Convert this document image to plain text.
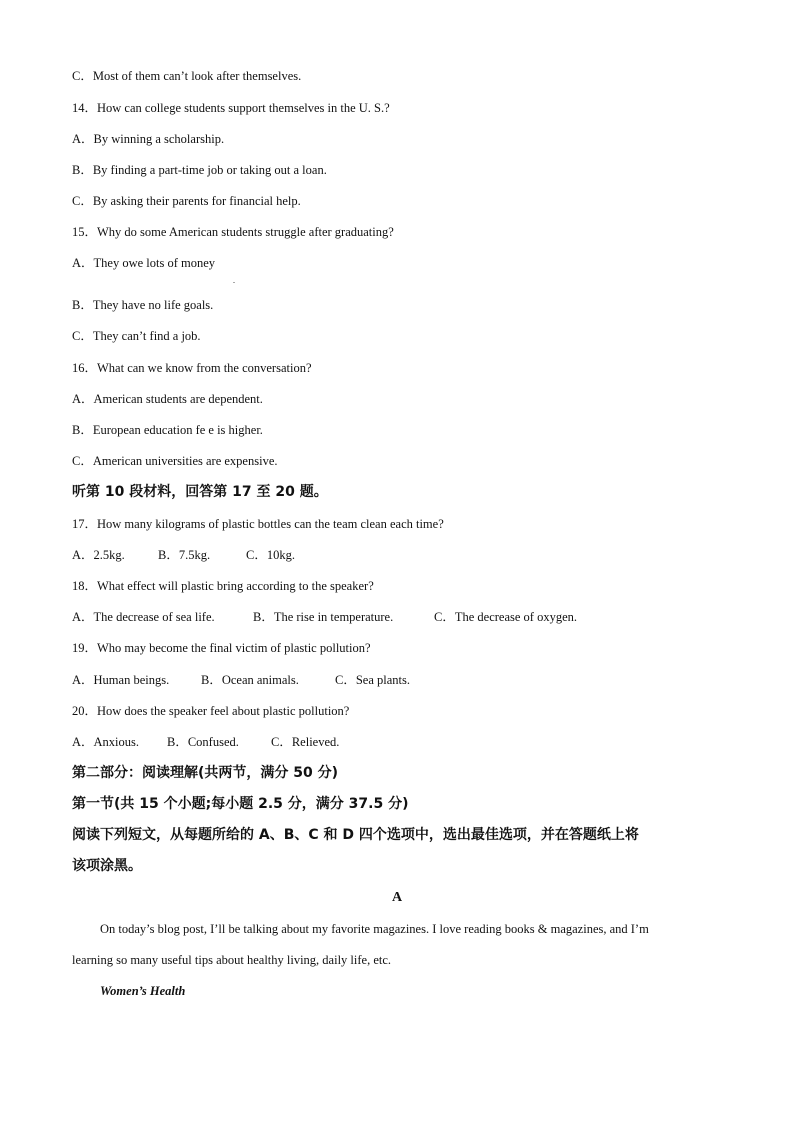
C．Most of them can’t look after themselves.
14．How can college students support themselves in the U. S.?
A．By winning a scholarship.
B．By finding a part-time job or taking out a loan.
C．By asking their parents for financial help.
15．Why do some American students struggle after graduating?
A．They owe lots of money
.
B．They have no life goals.
C．They can’t find a job.
16．What can we know from the conversation?
A．American students are dependent.
B．European education fe e is higher.
C．American universities are expensive.
听第 10 段材料，回答第 17 至 20 题。
17．How many kilograms of plastic bottles can the team clean each time?
A．2.5kg.	B．7.5kg.	C．10kg.
18．What effect will plastic bring according to the speaker?
A．The decrease of sea life.	B．The rise in temperature.	C．The decrease of oxygen.
19．Who may become the final victim of plastic pollution?
A．Human beings.	B．Ocean animals.	C．Sea plants.
20．How does the speaker feel about plastic pollution?
A．Anxious. B．Confused.	C．Relieved.
第二部分：阅读理解(共两节，满分 50 分)
第一节(共 15 个小题;每小题 2.5 分，满分 37.5 分)
阅读下列短文，从每题所给的 A、B、C 和 D 四个选项中，选出最佳选项，并在答题纸上将
该项涂黑。
A
On today’s blog post, I’ll be talking about my favorite magazines. I love reading books & magazines, and I’m
learning so many useful tips about healthy living, daily life, etc.
Women’s Health
